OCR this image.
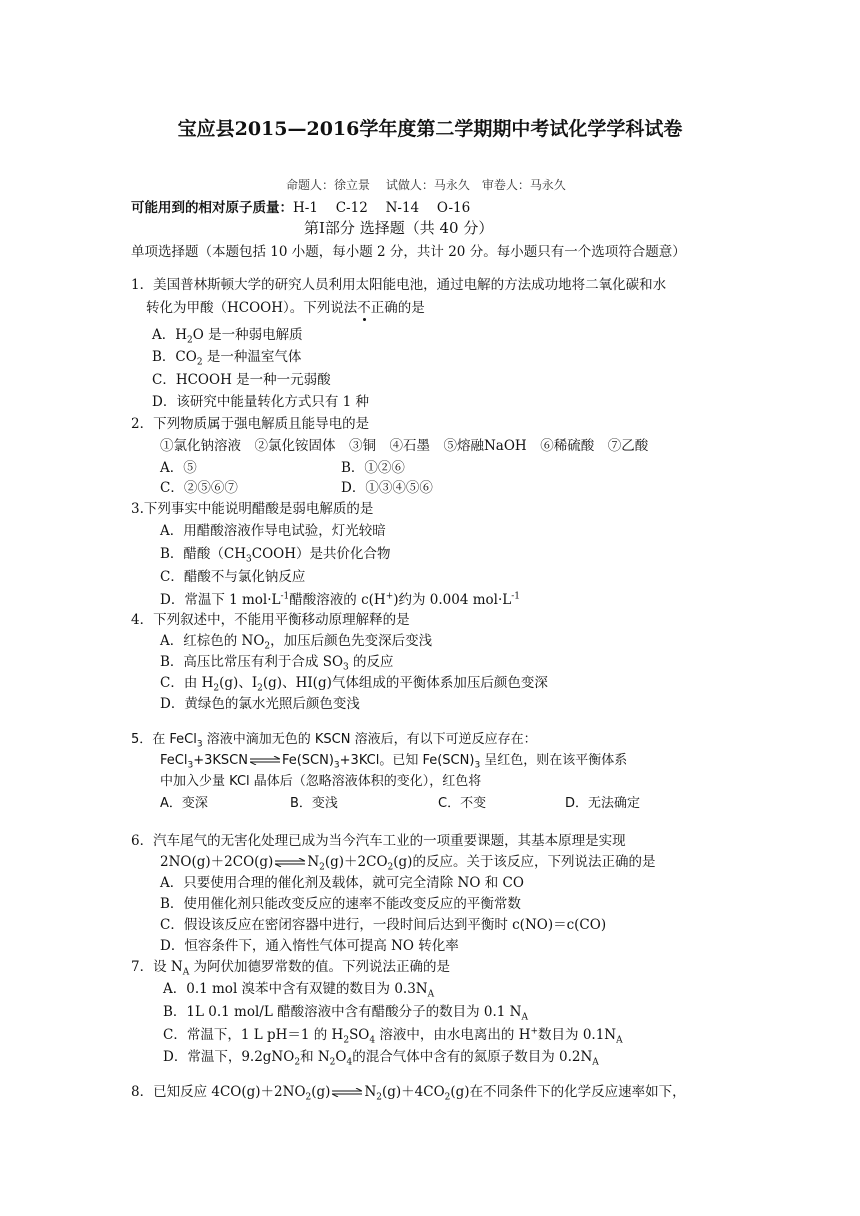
宝应县2015—2016学年度第二学期期中考试化学学科试卷
命题人：徐立景　 试做人：马永久　审卷人：马永久
可能用到的相对原子质量：H-1　 C-12　 N-14　 O-16
第Ⅰ部分 选择题（共 40 分）
单项选择题（本题包括 10 小题，每小题 2 分，共计 20 分。每小题只有一个选项符合题意）
1．美国普林斯顿大学的研究人员利用太阳能电池，通过电解的方法成功地将二氧化碳和水
转化为甲酸（HCOOH）。下列说法不正确的是
A．$H_2O$ 是一种弱电解质
B．$CO_2$ 是一种温室气体
C．HCOOH 是一种一元弱酸
D．该研究中能量转化方式只有 1 种
2．下列物质属于强电解质且能导电的是
①氯化钠溶液　②氯化铵固体　③铜　④石墨　⑤熔融NaOH　⑥稀硫酸　⑦乙酸
A．⑤	B．①②⑥
C．②⑤⑥⑦	D．①③④⑤⑥
3.下列事实中能说明醋酸是弱电解质的是
A．用醋酸溶液作导电试验，灯光较暗
B．醋酸$(CH_3COOH)$是共价化合物
C．醋酸不与氯化钠反应
D．常温下 1 $mol\cdot L^{-1}$醋酸溶液的 c(H+)约为 0.004 $mol\cdot L^{-1}$
4．下列叙述中，不能用平衡移动原理解释的是
A．红棕色的 $NO_2$，加压后颜色先变深后变浅
B．高压比常压有利于合成 $SO_3$ 的反应
C．由 $H_2(g)$、$I_2(g)$、HI(g)气体组成的平衡体系加压后颜色变深
D．黄绿色的氯水光照后颜色变浅
5．在 FeCl$_3$ 溶液中滴加无色的 KSCN 溶液后，有以下可逆反应存在：
FeCl$_3$+3KSCN	$Fe(SCN)_3+3KCl$。已知 $Fe(SCN)_3$ 呈红色，则在该平衡体系
中加入少量 KCl 晶体后（忽略溶液体积的变化），红色将
A．变深	B．变浅	C．不变	D．无法确定
6．汽车尾气的无害化处理已成为当今汽车工业的一项重要课题，其基本原理是实现
2NO(g)＋2CO(g)	$N_2(g)+2CO_2(g)$的反应。关于该反应，下列说法正确的是
A．只要使用合理的催化剂及载体，就可完全清除 NO 和 CO
B．使用催化剂只能改变反应的速率不能改变反应的平衡常数
C．假设该反应在密闭容器中进行，一段时间后达到平衡时 c(NO)＝c(CO)
D．恒容条件下，通入惰性气体可提高 NO 转化率
7．设 $N_A$ 为阿伏加德罗常数的值。下列说法正确的是
A．0.1 mol 溴苯中含有双键的数目为 $0.3N_A$
B．1L 0.1 mol/L 醋酸溶液中含有醋酸分子的数目为 0.1 $N_A$
C．常温下，1 L pH＝1 的 $H_2SO_4$ 溶液中，由水电离出的 H+数目为 $0.1N_A$
D．常温下，9.2gNO$_2$和 $N_2O_4$的混合气体中含有的氮原子数目为 $0.2N_A$
8．已知反应 $4CO(g)+2NO_2(g)$	$N_2(g)+4CO_2(g)$在不同条件下的化学反应速率如下，
